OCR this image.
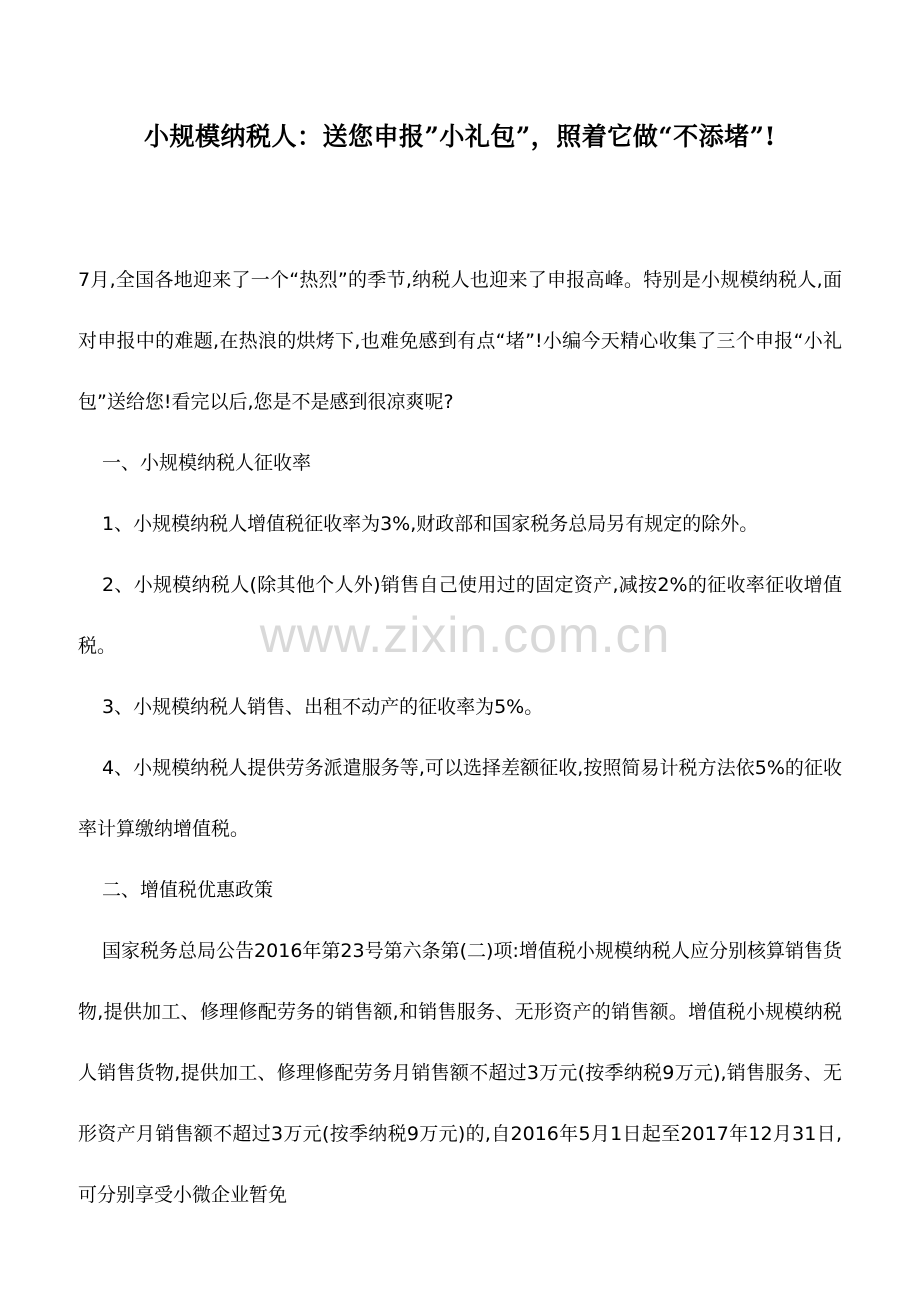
小规模纳税人：送您申报”小礼包”，照着它做“不添堵”!

7月,全国各地迎来了一个“热烈”的季节,纳税人也迎来了申报高峰。特别是小规模纳税人,面对申报中的难题,在热浪的烘烤下,也难免感到有点“堵”!小编今天精心收集了三个申报“小礼包”送给您!看完以后,您是不是感到很凉爽呢?

一、小规模纳税人征收率

1、小规模纳税人增值税征收率为3%,财政部和国家税务总局另有规定的除外。

2、小规模纳税人(除其他个人外)销售自己使用过的固定资产,减按2%的征收率征收增值税。

3、小规模纳税人销售、出租不动产的征收率为5%。

4、小规模纳税人提供劳务派遣服务等,可以选择差额征收,按照简易计税方法依5%的征收率计算缴纳增值税。

二、增值税优惠政策

国家税务总局公告2016年第23号第六条第(二)项:增值税小规模纳税人应分别核算销售货物,提供加工、修理修配劳务的销售额,和销售服务、无形资产的销售额。增值税小规模纳税人销售货物,提供加工、修理修配劳务月销售额不超过3万元(按季纳税9万元),销售服务、无形资产月销售额不超过3万元(按季纳税9万元)的,自2016年5月1日起至2017年12月31日,可分别享受小微企业暂免

www.zixin.com.cn
